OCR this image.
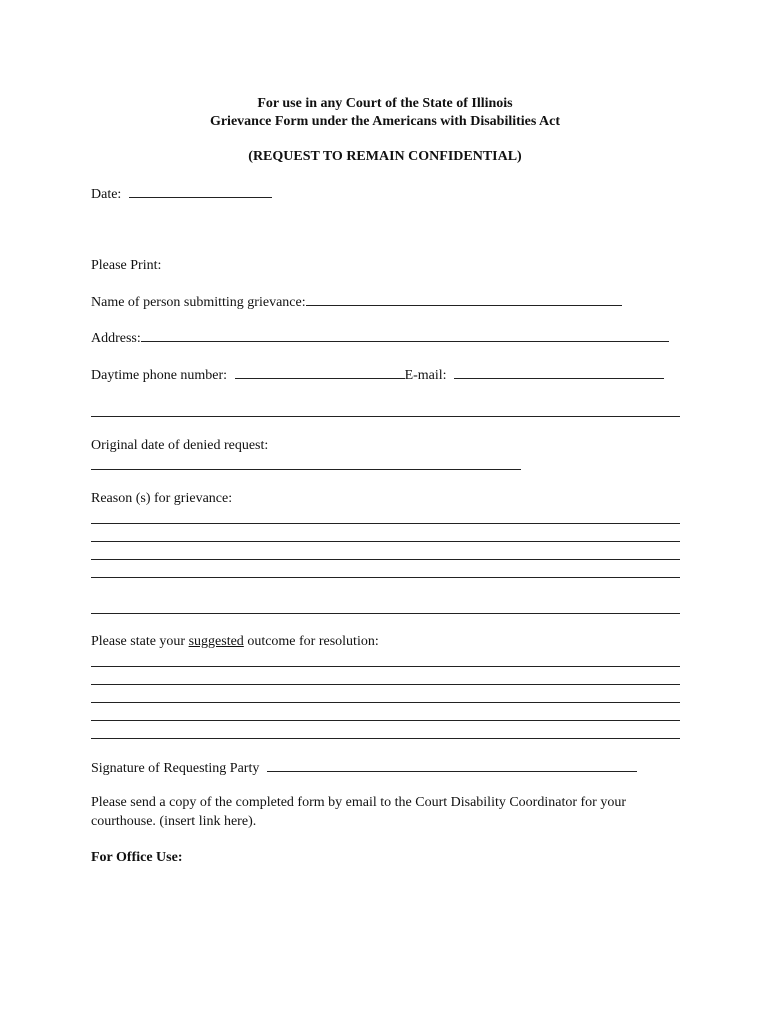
For use in any Court of the State of Illinois
Grievance Form under the Americans with Disabilities Act
(REQUEST TO REMAIN CONFIDENTIAL)
Date:
Please Print:
Name of person submitting grievance:
Address:
Daytime phone number:	E-mail:
Original date of denied request:
Reason (s) for grievance:
Please state your suggested outcome for resolution:
Signature of Requesting Party
Please send a copy of the completed form by email to the Court Disability Coordinator for your
courthouse. (insert link here).
For Office Use:
